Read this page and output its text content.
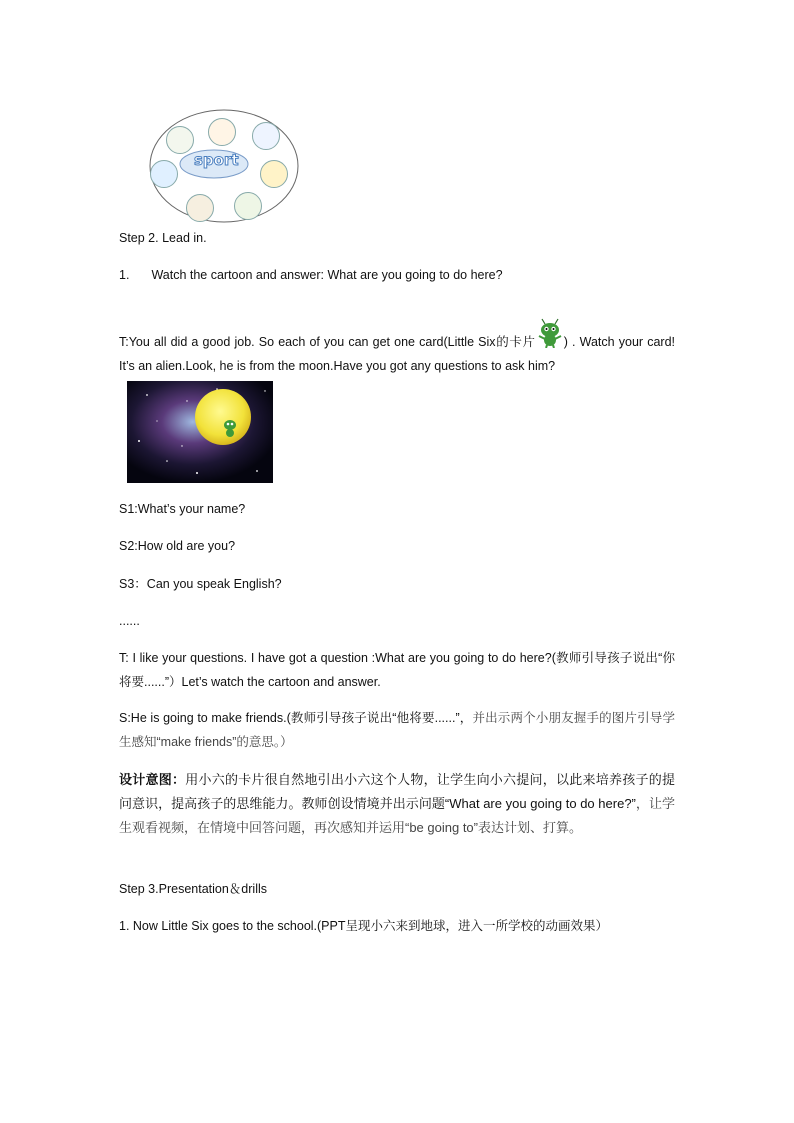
sport

Step 2. Lead in.

1. Watch the cartoon and answer: What are you going to do here?

T:You all did a good job. So each of you can get one card(Little Six的卡片 ) . Watch your card! It’s an alien.Look, he is from the moon.Have you got any questions to ask him?

S1:What’s your name?

S2:How old are you?

S3：Can you speak English?

......

T: I like your questions. I have got a question :What are you going to do here?(教师引导孩子说出“你将要......”）Let’s watch the cartoon and answer.

S:He is going to make friends.(教师引导孩子说出“他将要......”，并出示两个小朋友握手的图片引导学生感知“make friends”的意思。）

设计意图：用小六的卡片很自然地引出小六这个人物，让学生向小六提问，以此来培养孩子的提问意识，提高孩子的思维能力。教师创设情境并出示问题“What are you going to do here?”，让学生观看视频，在情境中回答问题，再次感知并运用“be going to”表达计划、打算。

Step 3.Presentation＆drills

1. Now Little Six goes to the school.(PPT呈现小六来到地球，进入一所学校的动画效果）
